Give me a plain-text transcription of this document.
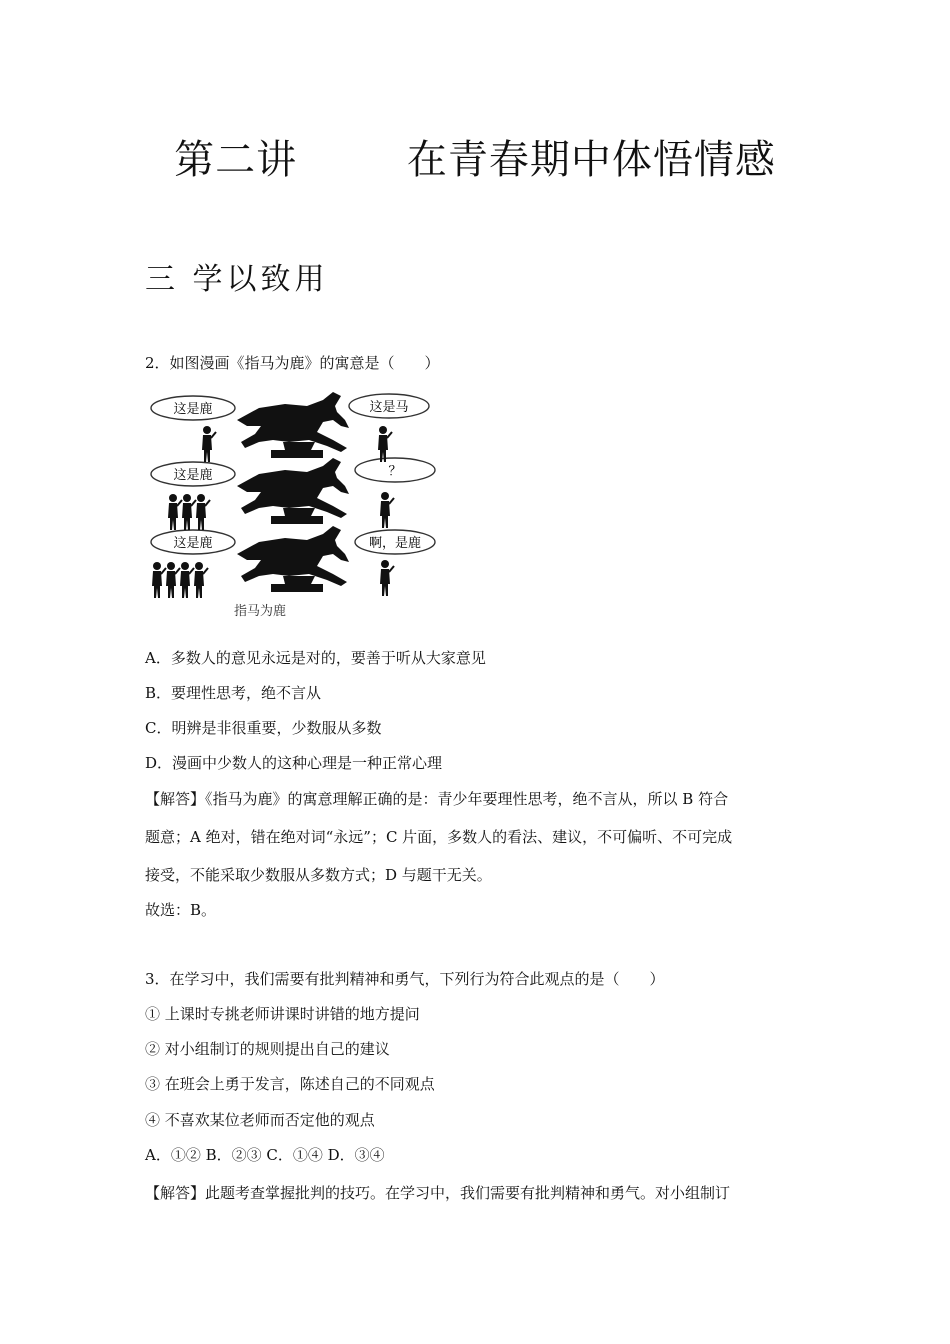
第二讲        在青春期中体悟情感
三 学以致用
2．如图漫画《指马为鹿》的寓意是（　　）
这是鹿
这是鹿
这是鹿
这是马
？
啊，是鹿
指马为鹿
A．多数人的意见永远是对的，要善于听从大家意见
B．要理性思考，绝不言从
C．明辨是非很重要，少数服从多数
D．漫画中少数人的这种心理是一种正常心理
【解答】《指马为鹿》的寓意理解正确的是：青少年要理性思考，绝不言从，所以 B 符合
题意；A 绝对，错在绝对词“永远”；C 片面，多数人的看法、建议，不可偏听、不可完成
接受，不能采取少数服从多数方式；D 与题干无关。
故选：B。
3．在学习中，我们需要有批判精神和勇气，下列行为符合此观点的是（　　）
① 上课时专挑老师讲课时讲错的地方提问
② 对小组制订的规则提出自己的建议
③ 在班会上勇于发言，陈述自己的不同观点
④ 不喜欢某位老师而否定他的观点
A．①② B．②③ C．①④ D．③④
【解答】此题考查掌握批判的技巧。在学习中，我们需要有批判精神和勇气。对小组制订
